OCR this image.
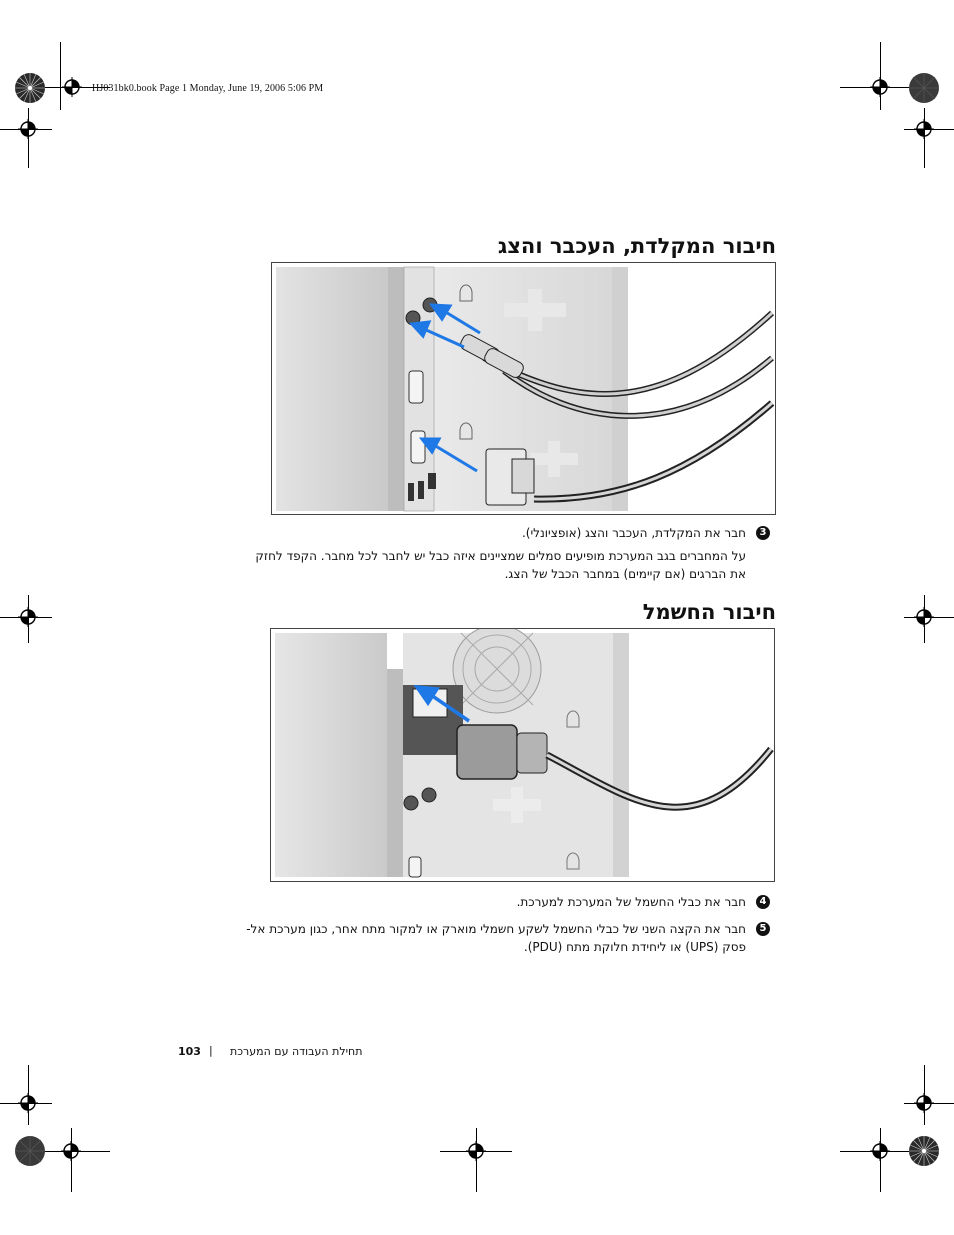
HJ031bk0.book Page 1 Monday, June 19, 2006 5:06 PM
חיבור המקלדת, העכבר והצג
3
חבר את המקלדת, העכבר והצג (אופציונלי).
על המחברים בגב המערכת מופיעים סמלים שמציינים איזה כבל יש לחבר לכל מחבר. הקפד לחזק
את הברגים (אם קיימים) במחבר הכבל של הצג.
חיבור החשמל
4
חבר את כבלי החשמל של המערכת למערכת.
5
חבר את הקצה השני של כבלי החשמל לשקע חשמלי מוארק או למקור מתח אחר, כגון מערכת אל-
פסק (UPS) או ליחידת חלוקת מתח (PDU).
103 | תחילת העבודה עם המערכת
